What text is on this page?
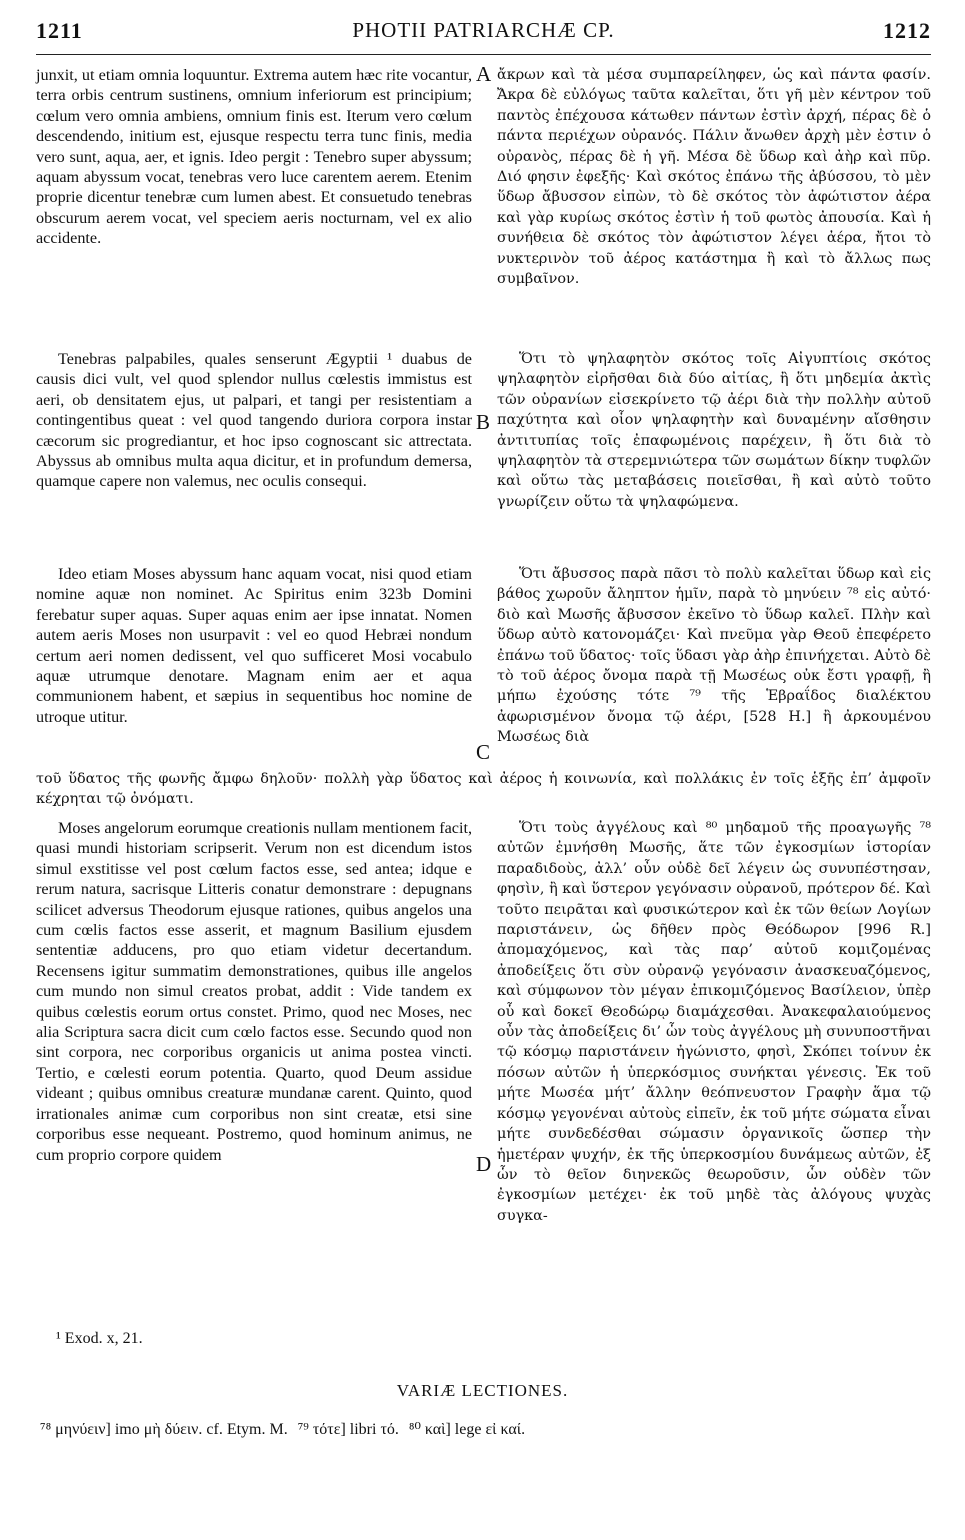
1211	PHOTII PATRIARCHÆ CP.	1212

junxit, ut etiam omnia loquuntur. Extrema autem hæc rite vocantur, terra orbis centrum sustinens, omnium inferiorum est principium; cœlum vero omnia ambiens, omnium finis est. Iterum vero cœlum descendendo, initium est, ejusque respectu terra tunc finis, media vero sunt, aqua, aer, et ignis. Ideo pergit : Tenebro super abyssum; aquam abyssum vocat, tenebras vero luce carentem aerem. Etenim proprie dicentur tenebræ cum lumen abest. Et consuetudo tenebras obscurum aerem vocat, vel speciem aeris nocturnam, vel ex alio accidente.

Tenebras palpabiles, quales senserunt Ægyptii ¹ duabus de causis dici vult, vel quod splendor nullus cœlestis immistus est aeri, ob densitatem ejus, ut palpari, et tangi per resistentiam a contingentibus queat : vel quod tangendo duriora corpora instar cæcorum sic progrediantur, et hoc ipso cognoscant sic attrectata. Abyssus ab omnibus multa aqua dicitur, et in profundum demersa, quamque capere non valemus, nec oculis consequi.

Ideo etiam Moses abyssum hanc aquam vocat, nisi quod etiam nomine aquæ non nominet. Ac Spiritus enim 323b Domini ferebatur super aquas. Super aquas enim aer ipse innatat. Nomen autem aeris Moses non usurpavit : vel eo quod Hebræi nondum certum aeri nomen dedissent, vel quo sufficeret Mosi vocabulo aquæ utrumque denotare. Magnam enim aer et aqua communionem habent, et sæpius in sequentibus hoc nomine de utroque utitur.

Moses angelorum eorumque creationis nullam mentionem facit, quasi mundi historiam scripserit. Verum non est dicendum istos simul exstitisse vel post cœlum factos esse, sed antea; idque e rerum natura, sacrisque Litteris conatur demonstrare : depugnans scilicet adversus Theodorum ejusque rationes, quibus angelos una cum cœlis factos esse asserit, et magnum Basilium ejusdem sententiæ adducens, pro quo etiam videtur decertandum. Recensens igitur summatim demonstrationes, quibus ille angelos cum mundo non simul creatos probat, addit : Vide tandem ex quibus cœlestis eorum ortus constet. Primo, quod nec Moses, nec alia Scriptura sacra dicit cum cœlo factos esse. Secundo quod non sint corpora, nec corporibus organicis ut anima postea vincti. Tertio, e cœlesti eorum potentia. Quarto, quod Deum assidue videant ; quibus omnibus creaturæ mundanæ carent. Quinto, quod irrationales animæ cum corporibus non sint creatæ, etsi sine corporibus esse nequeant. Postremo, quod hominum animus, ne cum proprio corpore quidem

ἄκρων καὶ τὰ μέσα συμπαρείληφεν, ὡς καὶ πάντα φασίν. Ἄκρα δὲ εὐλόγως ταῦτα καλεῖται, ὅτι γῆ μὲν κέντρον τοῦ παντὸς ἐπέχουσα κάτωθεν πάντων ἐστὶν ἀρχή, πέρας δὲ ὁ πάντα περιέχων οὐρανός. Πάλιν ἄνωθεν ἀρχὴ μὲν ἐστιν ὁ οὐρανὸς, πέρας δὲ ἡ γῆ. Μέσα δὲ ὕδωρ καὶ ἀὴρ καὶ πῦρ. Διό φησιν ἐφεξῆς· Καὶ σκότος ἐπάνω τῆς ἀβύσσου, τὸ μὲν ὕδωρ ἄβυσσον εἰπὼν, τὸ δὲ σκότος τὸν ἀφώτιστον ἀέρα καὶ γὰρ κυρίως σκότος ἐστὶν ἡ τοῦ φωτὸς ἀπουσία. Καὶ ἡ συνήθεια δὲ σκότος τὸν ἀφώτιστον λέγει ἀέρα, ἤτοι τὸ νυκτερινὸν τοῦ ἀέρος κατάστημα ἢ καὶ τὸ ἄλλως πως συμβαῖνον.

Ὅτι τὸ ψηλαφητὸν σκότος τοῖς Αἰγυπτίοις σκότος ψηλαφητὸν εἰρῆσθαι διὰ δύο αἰτίας, ἢ ὅτι μηδεμία ἀκτὶς τῶν οὐρανίων εἰσεκρίνετο τῷ ἀέρι διὰ τὴν πολλὴν αὐτοῦ παχύτητα καὶ οἷον ψηλαφητὴν καὶ δυναμένην αἴσθησιν ἀντιτυπίας τοῖς ἐπαφωμένοις παρέχειν, ἢ ὅτι διὰ τὸ ψηλαφητὸν τὰ στερεμνιώτερα τῶν σωμάτων δίκην τυφλῶν καὶ οὕτω τὰς μεταβάσεις ποιεῖσθαι, ἢ καὶ αὐτὸ τοῦτο γνωρίζειν οὕτω τὰ ψηλαφώμενα.

Ὅτι ἄβυσσος παρὰ πᾶσι τὸ πολὺ καλεῖται ὕδωρ καὶ εἰς βάθος χωροῦν ἄληπτον ἡμῖν, παρὰ τὸ μηνύειν ⁷⁸ εἰς αὐτό· διὸ καὶ Μωσῆς ἄβυσσον ἐκεῖνο τὸ ὕδωρ καλεῖ. Πλὴν καὶ ὕδωρ αὐτὸ κατονομάζει· Καὶ πνεῦμα γὰρ Θεοῦ ἐπεφέρετο ἐπάνω τοῦ ὕδατος· τοῖς ὕδασι γὰρ ἀὴρ ἐπινήχεται. Αὐτὸ δὲ τὸ τοῦ ἀέρος ὄνομα παρὰ τῇ Μωσέως οὐκ ἔστι γραφῇ, ἢ μήπω ἐχούσης τότε ⁷⁹ τῆς Ἑβραΐδος διαλέκτου ἀφωρισμένον ὄνομα τῷ ἀέρι, [528 H.] ἢ ἀρκουμένου Μωσέως διὰ

τοῦ ὕδατος τῆς φωνῆς ἄμφω δηλοῦν· πολλὴ γὰρ ὕδατος καὶ ἀέρος ἡ κοινωνία, καὶ πολλάκις ἐν τοῖς ἑξῆς ἐπ’ ἀμφοῖν κέχρηται τῷ ὀνόματι.

Ὅτι τοὺς ἀγγέλους καὶ ⁸⁰ μηδαμοῦ τῆς προαγωγῆς ⁷⁸ αὐτῶν ἐμνήσθη Μωσῆς, ἅτε τῶν ἐγκοσμίων ἱστορίαν παραδιδοὺς, ἀλλ’ οὖν οὐδὲ δεῖ λέγειν ὡς συνυπέστησαν, φησὶν, ἢ καὶ ὕστερον γεγόνασιν οὐρανοῦ, πρότερον δέ. Καὶ τοῦτο πειρᾶται καὶ φυσικώτερον καὶ ἐκ τῶν θείων Λογίων παριστάνειν, ὡς δῆθεν πρὸς Θεόδωρον [996 R.] ἀπομαχόμενος, καὶ τὰς παρ’ αὐτοῦ κομιζομένας ἀποδείξεις ὅτι σὺν οὐρανῷ γεγόνασιν ἀνασκευαζόμενος, καὶ σύμφωνον τὸν μέγαν ἐπικομιζόμενος Βασίλειον, ὑπὲρ οὗ καὶ δοκεῖ Θεοδώρῳ διαμάχεσθαι. Ἀνακεφαλαιούμενος οὖν τὰς ἀποδείξεις δι’ ὧν τοὺς ἀγγέλους μὴ συνυποστῆναι τῷ κόσμῳ παριστάνειν ἠγώνιστο, φησὶ, Σκόπει τοίνυν ἐκ πόσων αὐτῶν ἡ ὑπερκόσμιος συνήκται γένεσις. Ἐκ τοῦ μήτε Μωσέα μήτ’ ἄλλην θεόπνευστον Γραφὴν ἅμα τῷ κόσμῳ γεγονέναι αὐτοὺς εἰπεῖν, ἐκ τοῦ μήτε σώματα εἶναι μήτε συνδεδέσθαι σώμασιν ὀργανικοῖς ὥσπερ τὴν ἡμετέραν ψυχήν, ἐκ τῆς ὑπερκοσμίου δυνάμεως αὐτῶν, ἐξ ὧν τὸ θεῖον διηνεκῶς θεωροῦσιν, ὧν οὐδὲν τῶν ἐγκοσμίων μετέχει· ἐκ τοῦ μηδὲ τὰς ἀλόγους ψυχὰς συγκα-

A
B
C
D
¹ Exod. x, 21.
VARIÆ LECTIONES.
⁷⁸ μηνύειν] imo μὴ δύειν. cf. Etym. M. ⁷⁹ τότε] libri τό. ⁸⁰ καὶ] lege εἰ καί.
